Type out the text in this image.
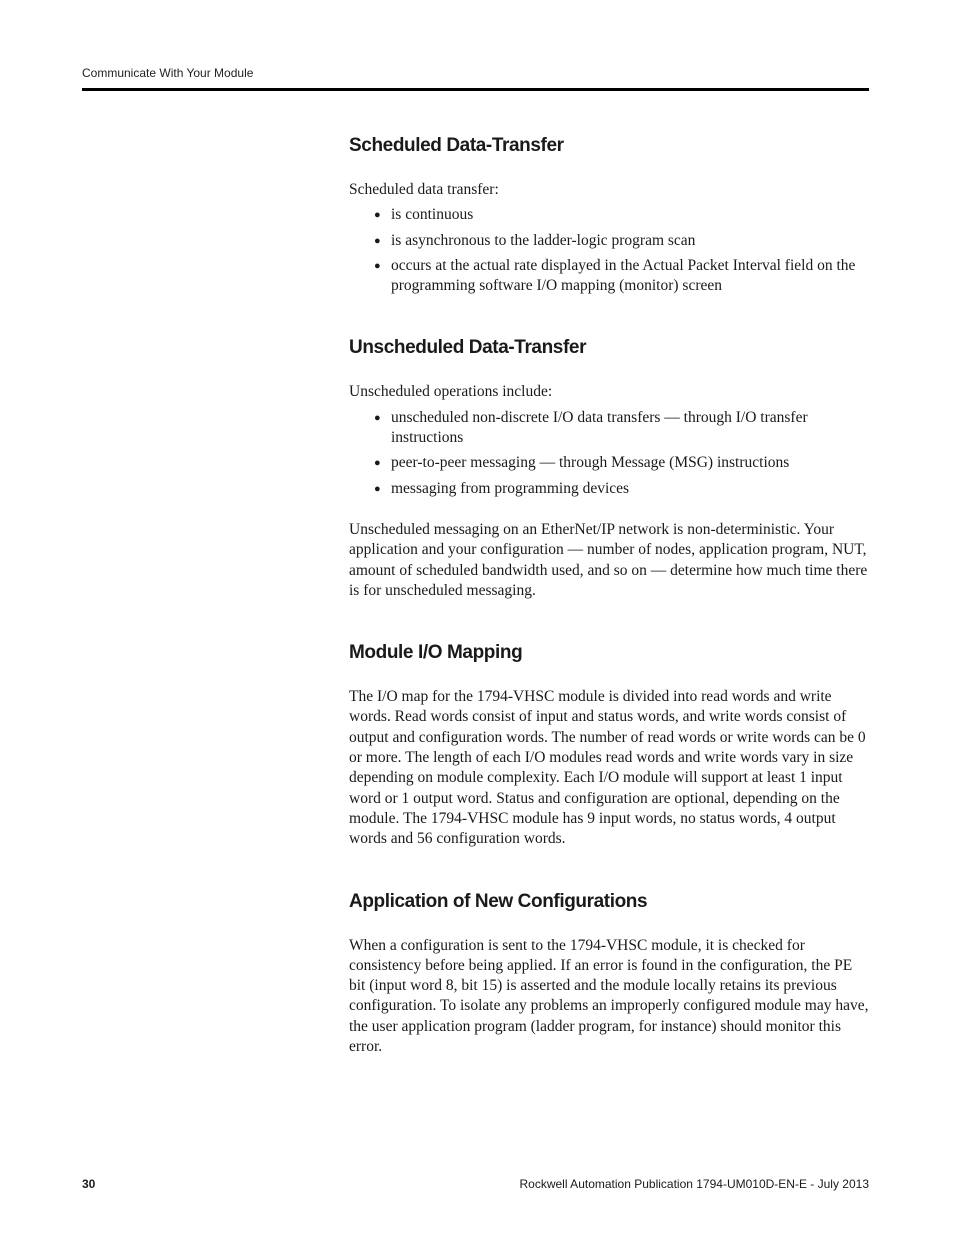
Communicate With Your Module
Scheduled Data-Transfer

Scheduled data transfer:

● is continuous
● is asynchronous to the ladder-logic program scan
● occurs at the actual rate displayed in the Actual Packet Interval field on the programming software I/O mapping (monitor) screen
Unscheduled Data-Transfer

Unscheduled operations include:

● unscheduled non-discrete I/O data transfers — through I/O transfer instructions
● peer-to-peer messaging — through Message (MSG) instructions
● messaging from programming devices

Unscheduled messaging on an EtherNet/IP network is non-deterministic. Your application and your configuration — number of nodes, application program, NUT, amount of scheduled bandwidth used, and so on — determine how much time there is for unscheduled messaging.

Module I/O Mapping

The I/O map for the 1794-VHSC module is divided into read words and write words. Read words consist of input and status words, and write words consist of output and configuration words. The number of read words or write words can be 0 or more. The length of each I/O modules read words and write words vary in size depending on module complexity. Each I/O module will support at least 1 input word or 1 output word. Status and configuration are optional, depending on the module. The 1794-VHSC module has 9 input words, no status words, 4 output words and 56 configuration words.

Application of New Configurations

When a configuration is sent to the 1794-VHSC module, it is checked for consistency before being applied. If an error is found in the configuration, the PE bit (input word 8, bit 15) is asserted and the module locally retains its previous configuration. To isolate any problems an improperly configured module may have, the user application program (ladder program, for instance) should monitor this error.

30	Rockwell Automation Publication 1794-UM010D-EN-E - July 2013
